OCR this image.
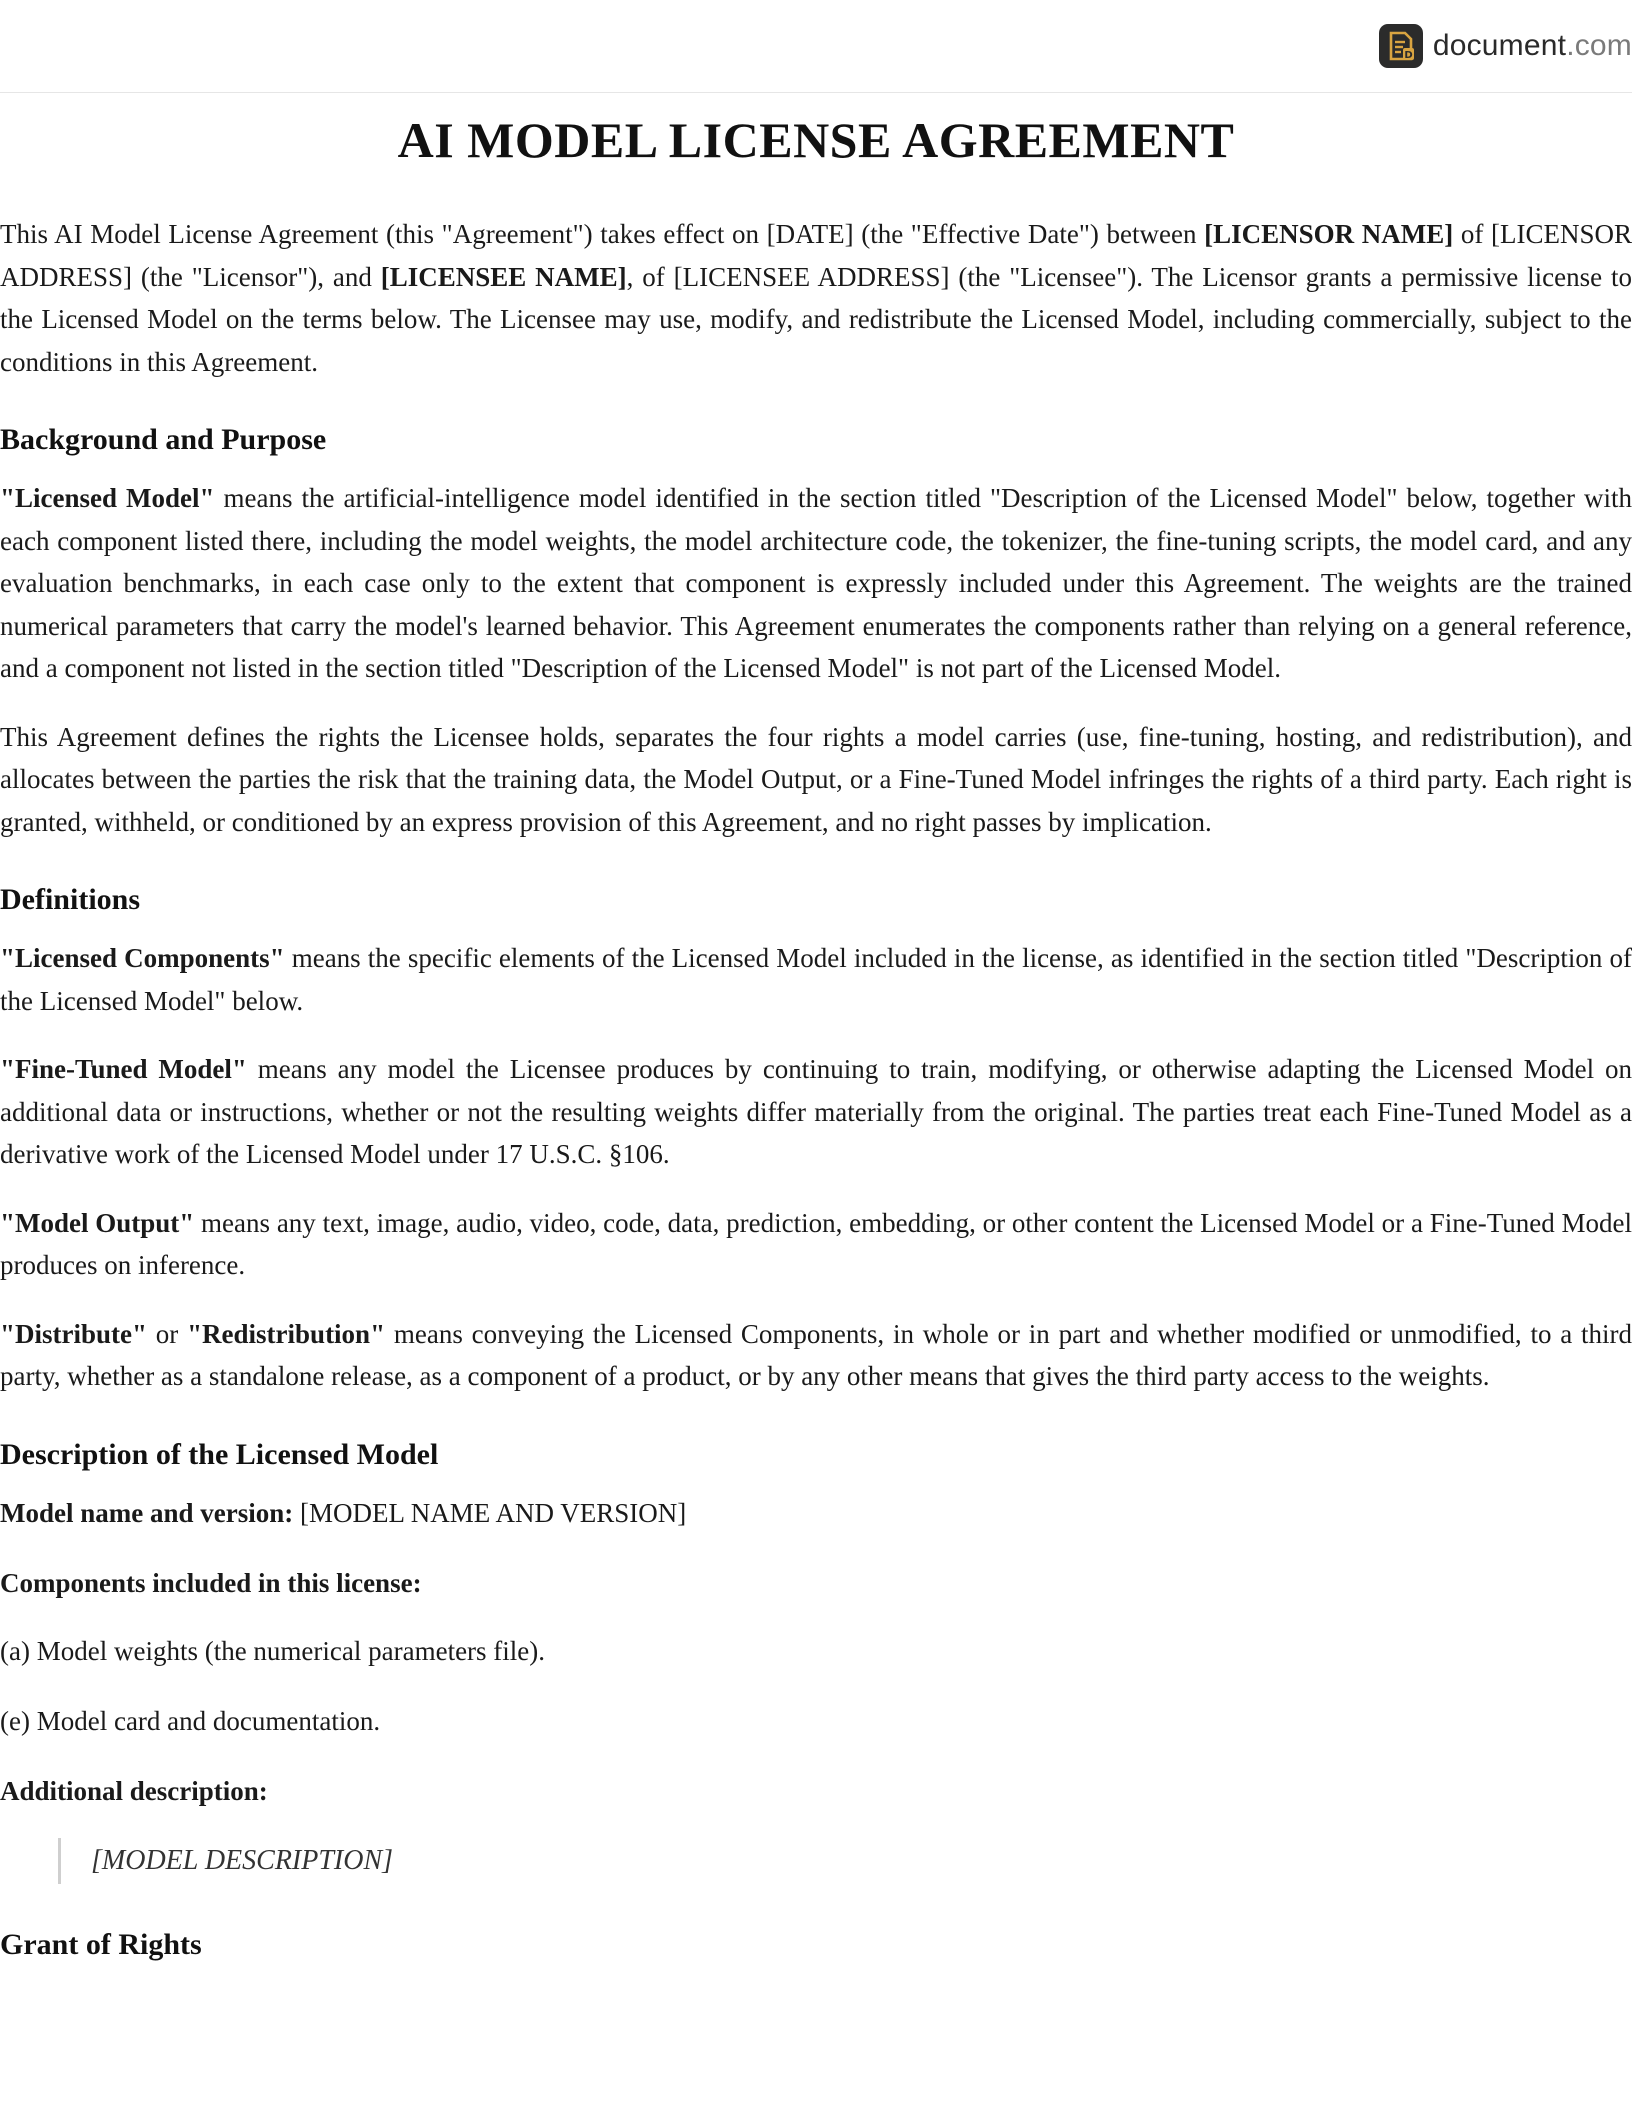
D document.com
AI MODEL LICENSE AGREEMENT

This AI Model License Agreement (this "Agreement") takes effect on [DATE] (the "Effective Date") between [LICENSOR NAME] of [LICENSOR ADDRESS] (the "Licensor"), and [LICENSEE NAME], of [LICENSEE ADDRESS] (the "Licensee"). The Licensor grants a permissive license to the Licensed Model on the terms below. The Licensee may use, modify, and redistribute the Licensed Model, including commercially, subject to the conditions in this Agreement.

Background and Purpose

"Licensed Model" means the artificial-intelligence model identified in the section titled "Description of the Licensed Model" below, together with each component listed there, including the model weights, the model architecture code, the tokenizer, the fine-tuning scripts, the model card, and any evaluation benchmarks, in each case only to the extent that component is expressly included under this Agreement. The weights are the trained numerical parameters that carry the model's learned behavior. This Agreement enumerates the components rather than relying on a general reference, and a component not listed in the section titled "Description of the Licensed Model" is not part of the Licensed Model.

This Agreement defines the rights the Licensee holds, separates the four rights a model carries (use, fine-tuning, hosting, and redistribution), and allocates between the parties the risk that the training data, the Model Output, or a Fine-Tuned Model infringes the rights of a third party. Each right is granted, withheld, or conditioned by an express provision of this Agreement, and no right passes by implication.

Definitions

"Licensed Components" means the specific elements of the Licensed Model included in the license, as identified in the section titled "Description of the Licensed Model" below.

"Fine-Tuned Model" means any model the Licensee produces by continuing to train, modifying, or otherwise adapting the Licensed Model on additional data or instructions, whether or not the resulting weights differ materially from the original. The parties treat each Fine-Tuned Model as a derivative work of the Licensed Model under 17 U.S.C. §106.

"Model Output" means any text, image, audio, video, code, data, prediction, embedding, or other content the Licensed Model or a Fine-Tuned Model produces on inference.

"Distribute" or "Redistribution" means conveying the Licensed Components, in whole or in part and whether modified or unmodified, to a third party, whether as a standalone release, as a component of a product, or by any other means that gives the third party access to the weights.

Description of the Licensed Model
Model name and version: [MODEL NAME AND VERSION]
Components included in this license:
(a) Model weights (the numerical parameters file).
(e) Model card and documentation.
Additional description:
[MODEL DESCRIPTION]
Grant of Rights
